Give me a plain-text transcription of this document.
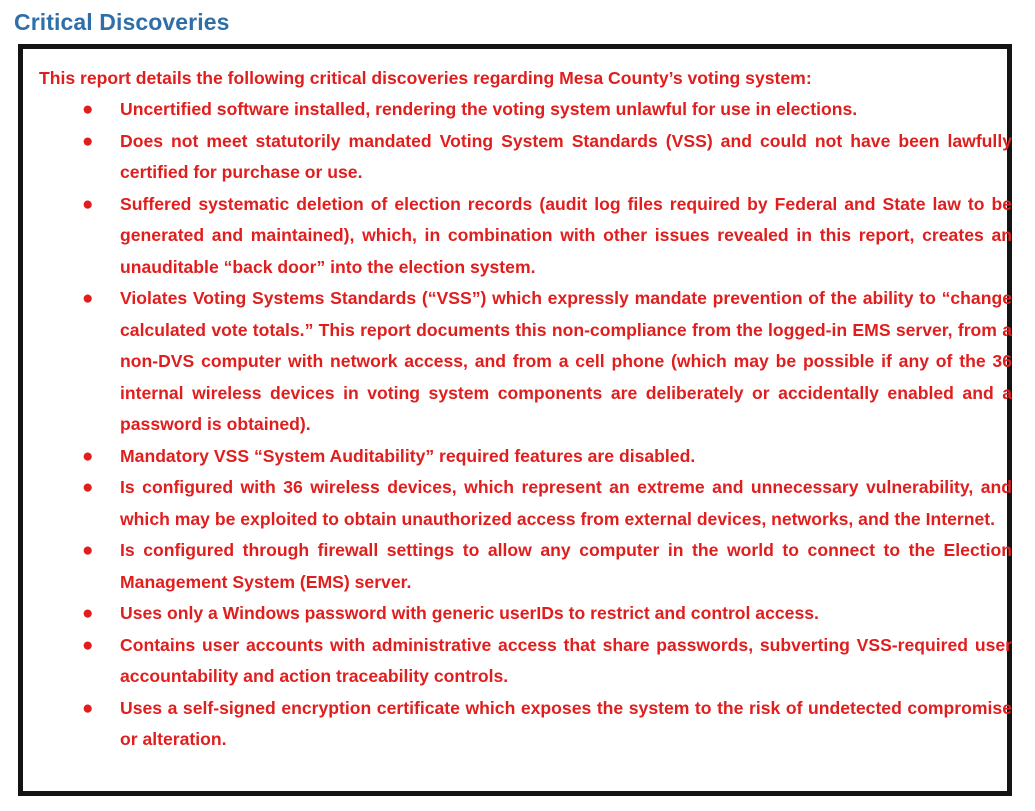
Critical Discoveries
This report details the following critical discoveries regarding Mesa County’s voting system:
● Uncertified software installed, rendering the voting system unlawful for use in elections.
● Does not meet statutorily mandated Voting System Standards (VSS) and could not have been lawfully certified for purchase or use.
● Suffered systematic deletion of election records (audit log files required by Federal and State law to be generated and maintained), which, in combination with other issues revealed in this report, creates an unauditable “back door” into the election system.
● Violates Voting Systems Standards (“VSS”) which expressly mandate prevention of the ability to “change calculated vote totals.” This report documents this non-compliance from the logged-in EMS server, from a non-DVS computer with network access, and from a cell phone (which may be possible if any of the 36 internal wireless devices in voting system components are deliberately or accidentally enabled and a password is obtained).
● Mandatory VSS “System Auditability” required features are disabled.
● Is configured with 36 wireless devices, which represent an extreme and unnecessary vulnerability, and which may be exploited to obtain unauthorized access from external devices, networks, and the Internet.
● Is configured through firewall settings to allow any computer in the world to connect to the Election Management System (EMS) server.
● Uses only a Windows password with generic userIDs to restrict and control access.
● Contains user accounts with administrative access that share passwords, subverting VSS-required user accountability and action traceability controls.
● Uses a self-signed encryption certificate which exposes the system to the risk of undetected compromise or alteration.
